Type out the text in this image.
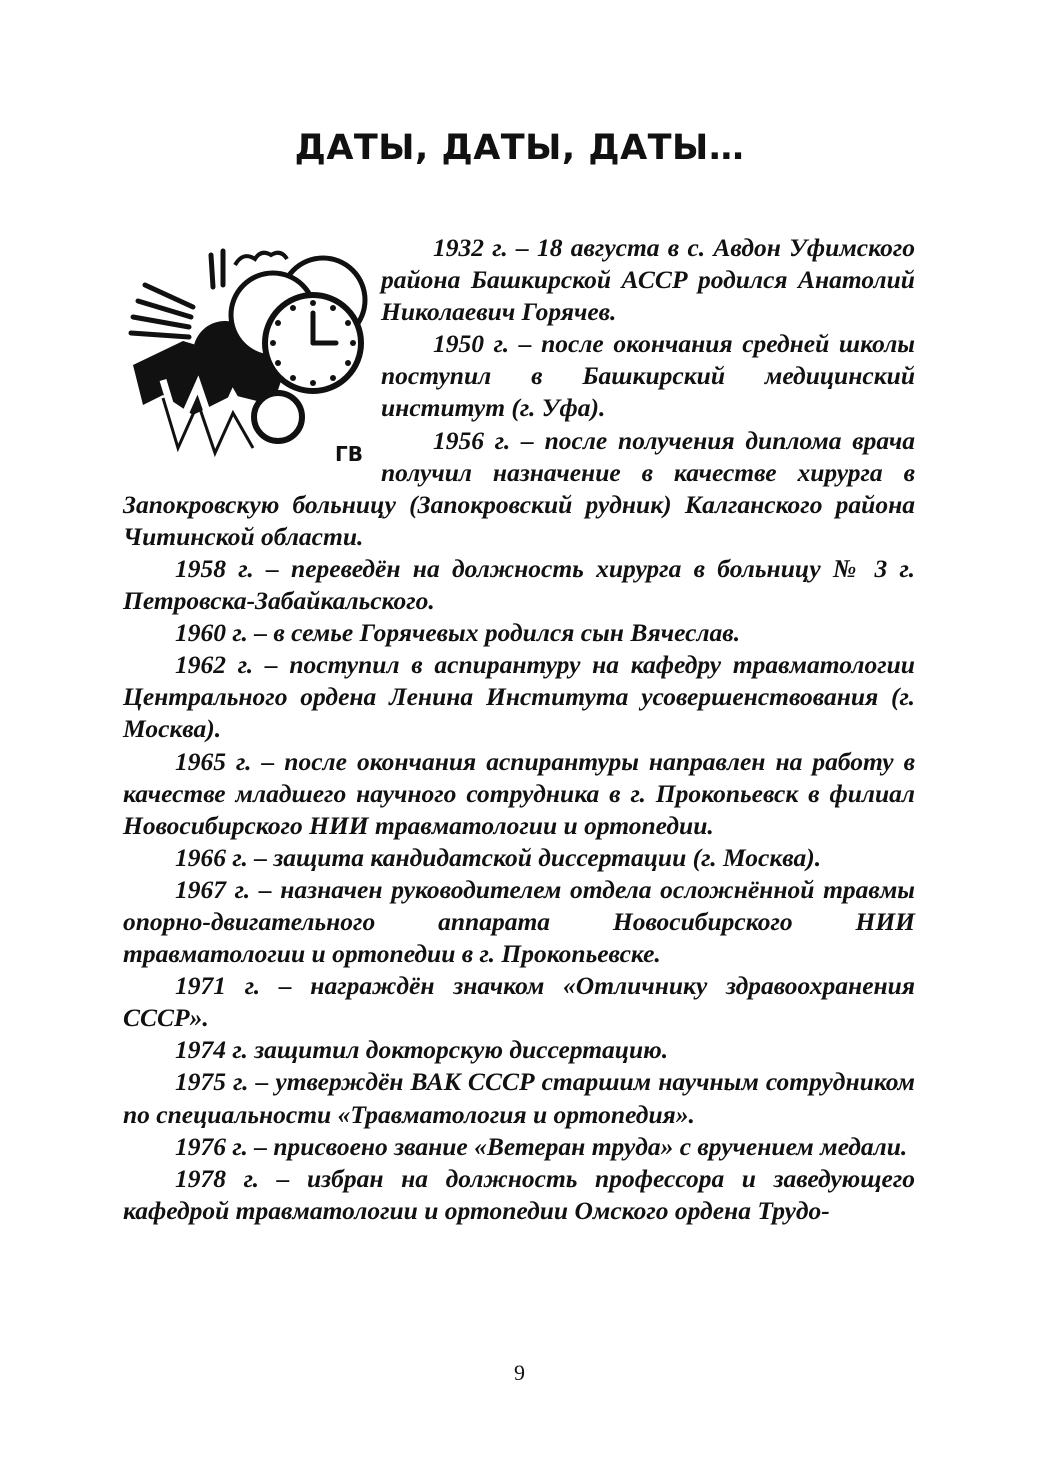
ДАТЫ, ДАТЫ, ДАТЫ…
ГВ

1932 г. – 18 августа в с. Авдон Уфимского района Башкирской АССР родился Анатолий Николаевич Горячев.

1950 г. – после окончания средней школы поступил в Башкирский медицинский институт (г. Уфа).

1956 г. – после получения диплома врача получил назначение в качестве хирурга в Запокровскую больницу (Запокровский рудник) Калганского района Читинской области.

1958 г. – переведён на должность хирурга в больницу № 3 г. Петровска-Забайкальского.

1960 г. – в семье Горячевых родился сын Вячеслав.

1962 г. – поступил в аспирантуру на кафедру травматологии Центрального ордена Ленина Института усовершенствования (г. Москва).

1965 г. – после окончания аспирантуры направлен на работу в качестве младшего научного сотрудника в г. Прокопьевск в филиал Новосибирского НИИ травматологии и ортопедии.

1966 г. – защита кандидатской диссертации (г. Москва).

1967 г. – назначен руководителем отдела осложнённой травмы опорно-двигательного аппарата Новосибирского НИИ травматологии и ортопедии в г. Прокопьевске.

1971 г. – награждён значком «Отличнику здравоохранения СССР».

1974 г. защитил докторскую диссертацию.

1975 г. – утверждён ВАК СССР старшим научным сотрудником по специальности «Травматология и ортопедия».

1976 г. – присвоено звание «Ветеран труда» с вручением медали.

1978 г. – избран на должность профессора и заведующего кафедрой травматологии и ортопедии Омского ордена Трудо-

9
